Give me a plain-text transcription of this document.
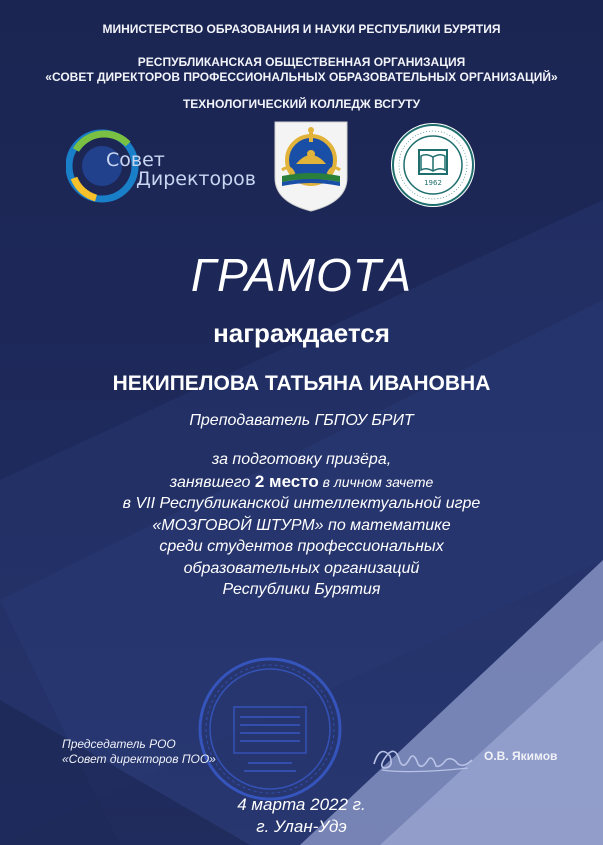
МИНИСТЕРСТВО ОБРАЗОВАНИЯ И НАУКИ РЕСПУБЛИКИ БУРЯТИЯ
РЕСПУБЛИКАНСКАЯ ОБЩЕСТВЕННАЯ ОРГАНИЗАЦИЯ
«СОВЕТ ДИРЕКТОРОВ ПРОФЕССИОНАЛЬНЫХ ОБРАЗОВАТЕЛЬНЫХ ОРГАНИЗАЦИЙ»
ТЕХНОЛОГИЧЕСКИЙ КОЛЛЕДЖ ВСГУТУ
Совет
Директоров	1962
ГРАМОТА
награждается
НЕКИПЕЛОВА ТАТЬЯНА ИВАНОВНА
Преподаватель ГБПОУ БРИТ
за подготовку призёра,
занявшего 2 место в личном зачете
в VII Республиканской интеллектуальной игре
«МОЗГОВОЙ ШТУРМ» по математике
среди студентов профессиональных
образовательных организаций
Республики Бурятия
Председатель РОО
«Совет директоров ПОО»	О.В. Якимов
4 марта 2022 г.
г. Улан-Удэ
